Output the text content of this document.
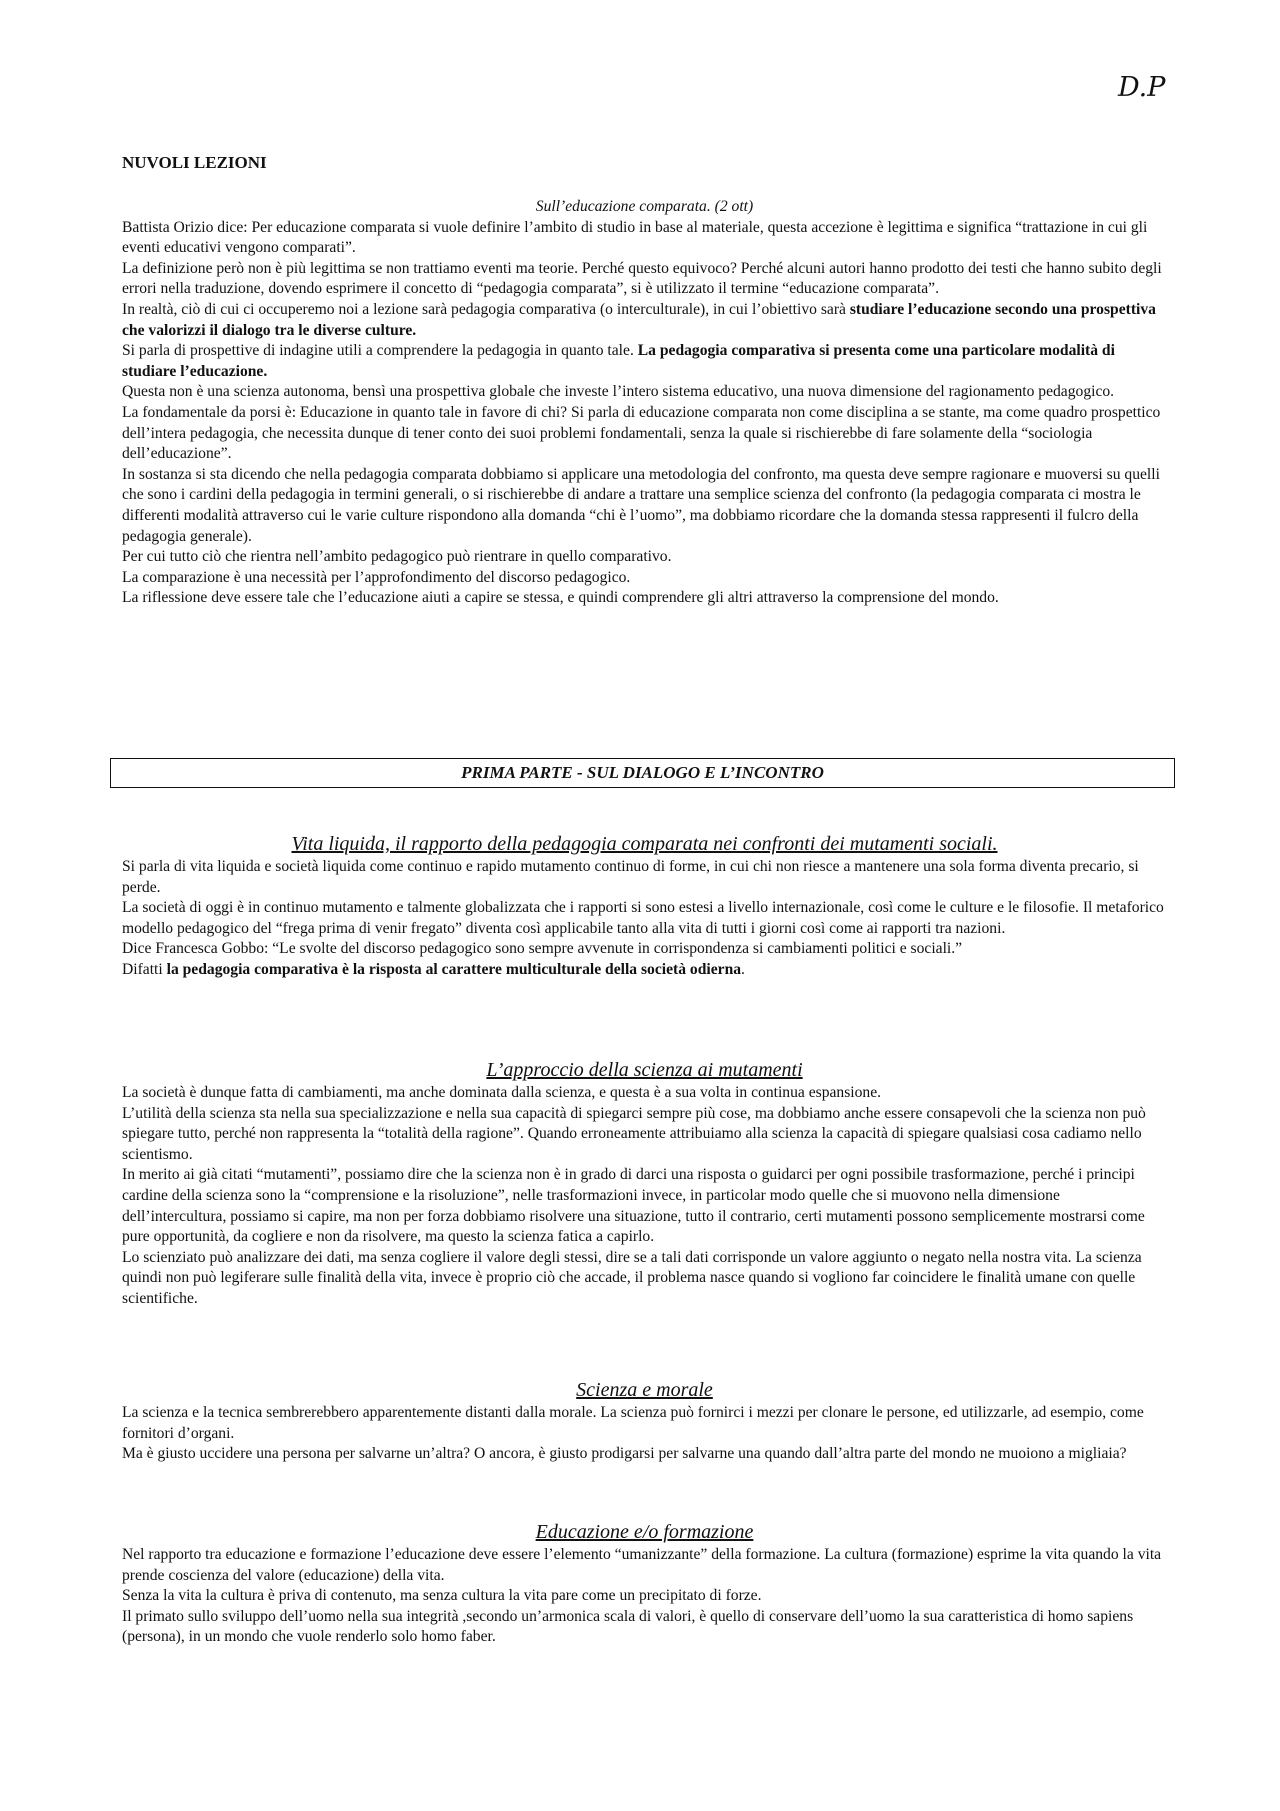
D.P
NUVOLI LEZIONI

Sull’educazione comparata. (2 ott)

Battista Orizio dice: Per educazione comparata si vuole definire l’ambito di studio in base al materiale, questa accezione è legittima e significa “trattazione in cui gli eventi educativi vengono comparati”.

La definizione però non è più legittima se non trattiamo eventi ma teorie. Perché questo equivoco? Perché alcuni autori hanno prodotto dei testi che hanno subito degli errori nella traduzione, dovendo esprimere il concetto di “pedagogia comparata”, si è utilizzato il termine “educazione comparata”.

In realtà, ciò di cui ci occuperemo noi a lezione sarà pedagogia comparativa (o interculturale), in cui l’obiettivo sarà studiare l’educazione secondo una prospettiva che valorizzi il dialogo tra le diverse culture.

Si parla di prospettive di indagine utili a comprendere la pedagogia in quanto tale. La pedagogia comparativa si presenta come una particolare modalità di studiare l’educazione.

Questa non è una scienza autonoma, bensì una prospettiva globale che investe l’intero sistema educativo, una nuova dimensione del ragionamento pedagogico.

La fondamentale da porsi è: Educazione in quanto tale in favore di chi? Si parla di educazione comparata non come disciplina a se stante, ma come quadro prospettico dell’intera pedagogia, che necessita dunque di tener conto dei suoi problemi fondamentali, senza la quale si rischierebbe di fare solamente della “sociologia dell’educazione”.

In sostanza si sta dicendo che nella pedagogia comparata dobbiamo si applicare una metodologia del confronto, ma questa deve sempre ragionare e muoversi su quelli che sono i cardini della pedagogia in termini generali, o si rischierebbe di andare a trattare una semplice scienza del confronto (la pedagogia comparata ci mostra le differenti modalità attraverso cui le varie culture rispondono alla domanda “chi è l’uomo”, ma dobbiamo ricordare che la domanda stessa rappresenti il fulcro della pedagogia generale).

Per cui tutto ciò che rientra nell’ambito pedagogico può rientrare in quello comparativo.

La comparazione è una necessità per l’approfondimento del discorso pedagogico.

La riflessione deve essere tale che l’educazione aiuti a capire se stessa, e quindi comprendere gli altri attraverso la comprensione del mondo.

PRIMA PARTE - SUL DIALOGO E L’INCONTRO
Vita liquida, il rapporto della pedagogia comparata nei confronti dei mutamenti sociali.

Si parla di vita liquida e società liquida come continuo e rapido mutamento continuo di forme, in cui chi non riesce a mantenere una sola forma diventa precario, si perde.

La società di oggi è in continuo mutamento e talmente globalizzata che i rapporti si sono estesi a livello internazionale, così come le culture e le filosofie. Il metaforico modello pedagogico del “frega prima di venir fregato” diventa così applicabile tanto alla vita di tutti i giorni così come ai rapporti tra nazioni.

Dice Francesca Gobbo: “Le svolte del discorso pedagogico sono sempre avvenute in corrispondenza si cambiamenti politici e sociali.”

Difatti la pedagogia comparativa è la risposta al carattere multiculturale della società odierna.

L’approccio della scienza ai mutamenti

La società è dunque fatta di cambiamenti, ma anche dominata dalla scienza, e questa è a sua volta in continua espansione.

L’utilità della scienza sta nella sua specializzazione e nella sua capacità di spiegarci sempre più cose, ma dobbiamo anche essere consapevoli che la scienza non può spiegare tutto, perché non rappresenta la “totalità della ragione”. Quando erroneamente attribuiamo alla scienza la capacità di spiegare qualsiasi cosa cadiamo nello scientismo.

In merito ai già citati “mutamenti”, possiamo dire che la scienza non è in grado di darci una risposta o guidarci per ogni possibile trasformazione, perché i principi cardine della scienza sono la “comprensione e la risoluzione”, nelle trasformazioni invece, in particolar modo quelle che si muovono nella dimensione dell’intercultura, possiamo si capire, ma non per forza dobbiamo risolvere una situazione, tutto il contrario, certi mutamenti possono semplicemente mostrarsi come pure opportunità, da cogliere e non da risolvere, ma questo la scienza fatica a capirlo.

Lo scienziato può analizzare dei dati, ma senza cogliere il valore degli stessi, dire se a tali dati corrisponde un valore aggiunto o negato nella nostra vita. La scienza quindi non può legiferare sulle finalità della vita, invece è proprio ciò che accade, il problema nasce quando si vogliono far coincidere le finalità umane con quelle scientifiche.

Scienza e morale

La scienza e la tecnica sembrerebbero apparentemente distanti dalla morale. La scienza può fornirci i mezzi per clonare le persone, ed utilizzarle, ad esempio, come fornitori d’organi.

Ma è giusto uccidere una persona per salvarne un’altra? O ancora, è giusto prodigarsi per salvarne una quando dall’altra parte del mondo ne muoiono a migliaia?

Educazione e/o formazione

Nel rapporto tra educazione e formazione l’educazione deve essere l’elemento “umanizzante” della formazione. La cultura (formazione) esprime la vita quando la vita prende coscienza del valore (educazione) della vita.

Senza la vita la cultura è priva di contenuto, ma senza cultura la vita pare come un precipitato di forze.

Il primato sullo sviluppo dell’uomo nella sua integrità ,secondo un’armonica scala di valori, è quello di conservare dell’uomo la sua caratteristica di homo sapiens (persona), in un mondo che vuole renderlo solo homo faber.
